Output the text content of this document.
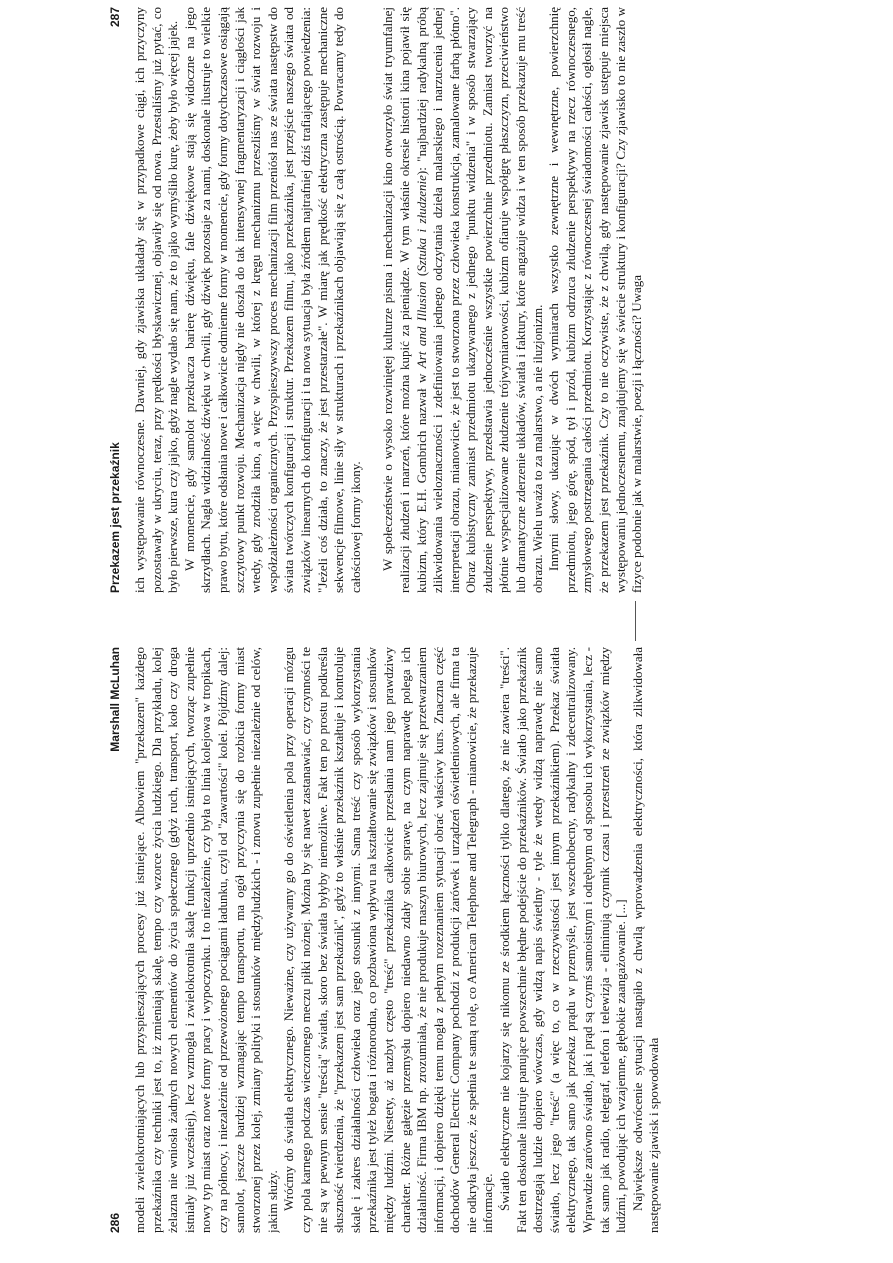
286
Marshall McLuhan modeli zwielokrotniających lub przyspieszających procesy już istniejące. Albowiem "przekazem" każdego przekaźnika czy techniki jest to, iż zmieniają skalę, tempo czy wzorce życia ludzkiego. Dla przykładu, kolej żelazna nie wniosła żadnych nowych elementów do życia społecznego (gdyż ruch, transport, koło czy droga istniały już wcześniej), lecz wzmogła i zwielokrotniła skalę funkcji uprzednio istniejących, tworząc zupełnie nowy typ miast oraz nowe formy pracy i wypoczynku. I to niezależnie, czy była to linia kolejowa w tropikach, czy na północy, i niezależnie od przewożonego pociągami ładunku, czyli od "zawartości" kolei. Pójdźmy dalej: samolot, jeszcze bardziej wzmagając tempo transportu, ma ogół przyczynia się do rozbicia formy miast stworzonej przez kolej, zmiany polityki i stosunków międzyludzkich - i znowu zupełnie niezależnie od celów, jakim służy. Wróćmy do światła elektrycznego. Nieważne, czy używamy go do oświetlenia pola przy operacji mózgu czy pola karnego podczas wieczornego meczu piłki nożnej. Można by się nawet zastanawiać, czy czynności te nie są w pewnym sensie "treścią" światła, skoro bez światła byłyby niemożliwe. Fakt ten po prostu podkreśla słuszność twierdzenia, że "przekazem jest sam przekaźnik", gdyż to właśnie przekaźnik kształtuje i kontroluje skalę i zakres działalności człowieka oraz jego stosunki z innymi. Sama treść czy sposób wykorzystania przekaźnika jest tyleż bogata i różnorodna, co pozbawiona wpływu na kształtowanie się związków i stosunków między ludźmi. Niestety, aż nazbyt często "treść" przekaźnika całkowicie przesłania nam jego prawdziwy charakter. Różne gałęzie przemysłu dopiero niedawno zdały sobie sprawę, na czym naprawdę polega ich działalność. Firma IBM np. zrozumiała, że nie produkuje maszyn biurowych, lecz zajmuje się przetwarzaniem informacji, i dopiero dzięki temu mogła z pełnym rozeznaniem sytuacji obrać właściwy kurs. Znaczna część dochodów General Electric Company pochodzi z produkcji żarówek i urządzeń oświetleniowych, ale firma ta nie odkryła jeszcze, że spełnia te samą rolę, co American Telephone and Telegraph - mianowicie, że przekazuje informacje. Światło elektryczne nie kojarzy się nikomu ze środkiem łączności tylko dlatego, że nie zawiera "treści". Fakt ten doskonale ilustruje panujące powszechnie błędne podejście do przekaźników. Światło jako przekaźnik dostrzegają ludzie dopiero wówczas, gdy widzą napis świetlny - tyle że wtedy widzą naprawdę nie samo światło, lecz jego "treść" (a więc to, co w rzeczywistości jest innym przekaźnikiem). Przekaz światła elektrycznego, tak samo jak przekaz prądu w przemyśle, jest wszechobecny, radykalny i zdecentralizowany. Wprawdzie zarówno światło, jak i prąd są czymś samoistnym i odrębnym od sposobu ich wykorzystania, lecz - tak samo jak radio, telegraf, telefon i telewizja - eliminują czynnik czasu i przestrzeń ze związków między ludźmi, powodując ich wzajemne, głębokie zaangażowanie. [...] Największe odwrócenie sytuacji nastąpiło z chwilą wprowadzenia elektryczności, która zlikwidowała następowanie zjawisk i spowodowała

Przekazem jest przekaźnik
287 ich występowanie równoczesne. Dawniej, gdy zjawiska układały się w przypadkowe ciągi, ich przyczyny pozostawały w ukryciu, teraz, przy prędkości błyskawicznej, objawiły się od nowa. Przestaliśmy już pytać, co było pierwsze, kura czy jajko, gdyż nagle wydało się nam, że to jajko wymyśliło kurę, żeby było więcej jajek. W momencie, gdy samolot przekracza barierę dźwięku, fale dźwiękowe stają się widoczne na jego skrzydłach. Nagła widzialność dźwięku w chwili, gdy dźwięk pozostaje za nami, doskonale ilustruje to wielkie prawo bytu, które odsłania nowe i całkowicie odmienne formy w momencie, gdy formy dotychczasowe osiągają szczytowy punkt rozwoju. Mechanizacja nigdy nie doszła do tak intensywnej fragmentaryzacji i ciągłości jak wtedy, gdy zrodziła kino, a więc w chwili, w której z kręgu mechanizmu przeszliśmy w świat rozwoju i współzależności organicznych. Przyspieszywszy proces mechanizacji film przeniósł nas ze świata następstw do świata twórczych konfiguracji i struktur. Przekazem filmu, jako przekaźnika, jest przejście naszego świata od związków linearnych do konfiguracji i ta nowa sytuacja była źródłem najtrafniej dziś trafiającego powiedzenia: "Jeżeli coś działa, to znaczy, że jest przestarzałe". W miarę jak prędkość elektryczna zastępuje mechaniczne sekwencje filmowe, linie siły w strukturach i przekaźnikach objawiają się z całą ostrością. Powracamy tedy do całościowej formy ikony. W społeczeństwie o wysoko rozwiniętej kulturze pisma i mechanizacji kino otworzyło świat tryumfalnej realizacji złudzeń i marzeń, które można kupić za pieniądze. W tym właśnie okresie historii kina pojawił się kubizm, który E.H. Gombrich nazwał w Art and Illusion (Sztuka i złudzenie): "najbardziej radykalną próbą zlikwidowania wieloznaczności i zdefiniowania jednego odczytania dzieła malarskiego i narzucenia jednej interpretacji obrazu, mianowicie, że jest to stworzona przez człowieka konstrukcja, zamalowane farbą płótno". Obraz kubistyczny zamiast przedmiotu ukazywanego z jednego "punktu widzenia" i w sposób stwarzający złudzenie perspektywy, przedstawia jednocześnie wszystkie powierzchnie przedmiotu. Zamiast tworzyć na płótnie wyspecjalizowane złudzenie trójwymiarowości, kubizm ofiaruje współgrę płaszczyzn, przeciwieństwo lub dramatyczne zderzenie układów, światła i faktury, które angażuje widza i w ten sposób przekazuje mu treść obrazu. Wielu uważa to za malarstwo, a nie iluzjonizm. Innymi słowy, ukazując w dwóch wymiarach wszystko zewnętrzne i wewnętrzne, powierzchnię przedmiotu, jego górę, spód, tył i przód, kubizm odrzuca złudzenie perspektywy na rzecz równoczesnego, zmysłowego postrzegania całości przedmiotu. Korzystając z równoczesnej świadomości całości, ogłosił nagle, że przekazem jest przekaźnik. Czy to nie oczywiste, że z chwilą, gdy następowanie zjawisk ustępuje miejsca występowaniu jednoczesnemu, znajdujemy się w świecie struktury i konfiguracji? Czy zjawisko to nie zaszło w fizyce podobnie jak w malarstwie, poezji i łączności? Uwaga
